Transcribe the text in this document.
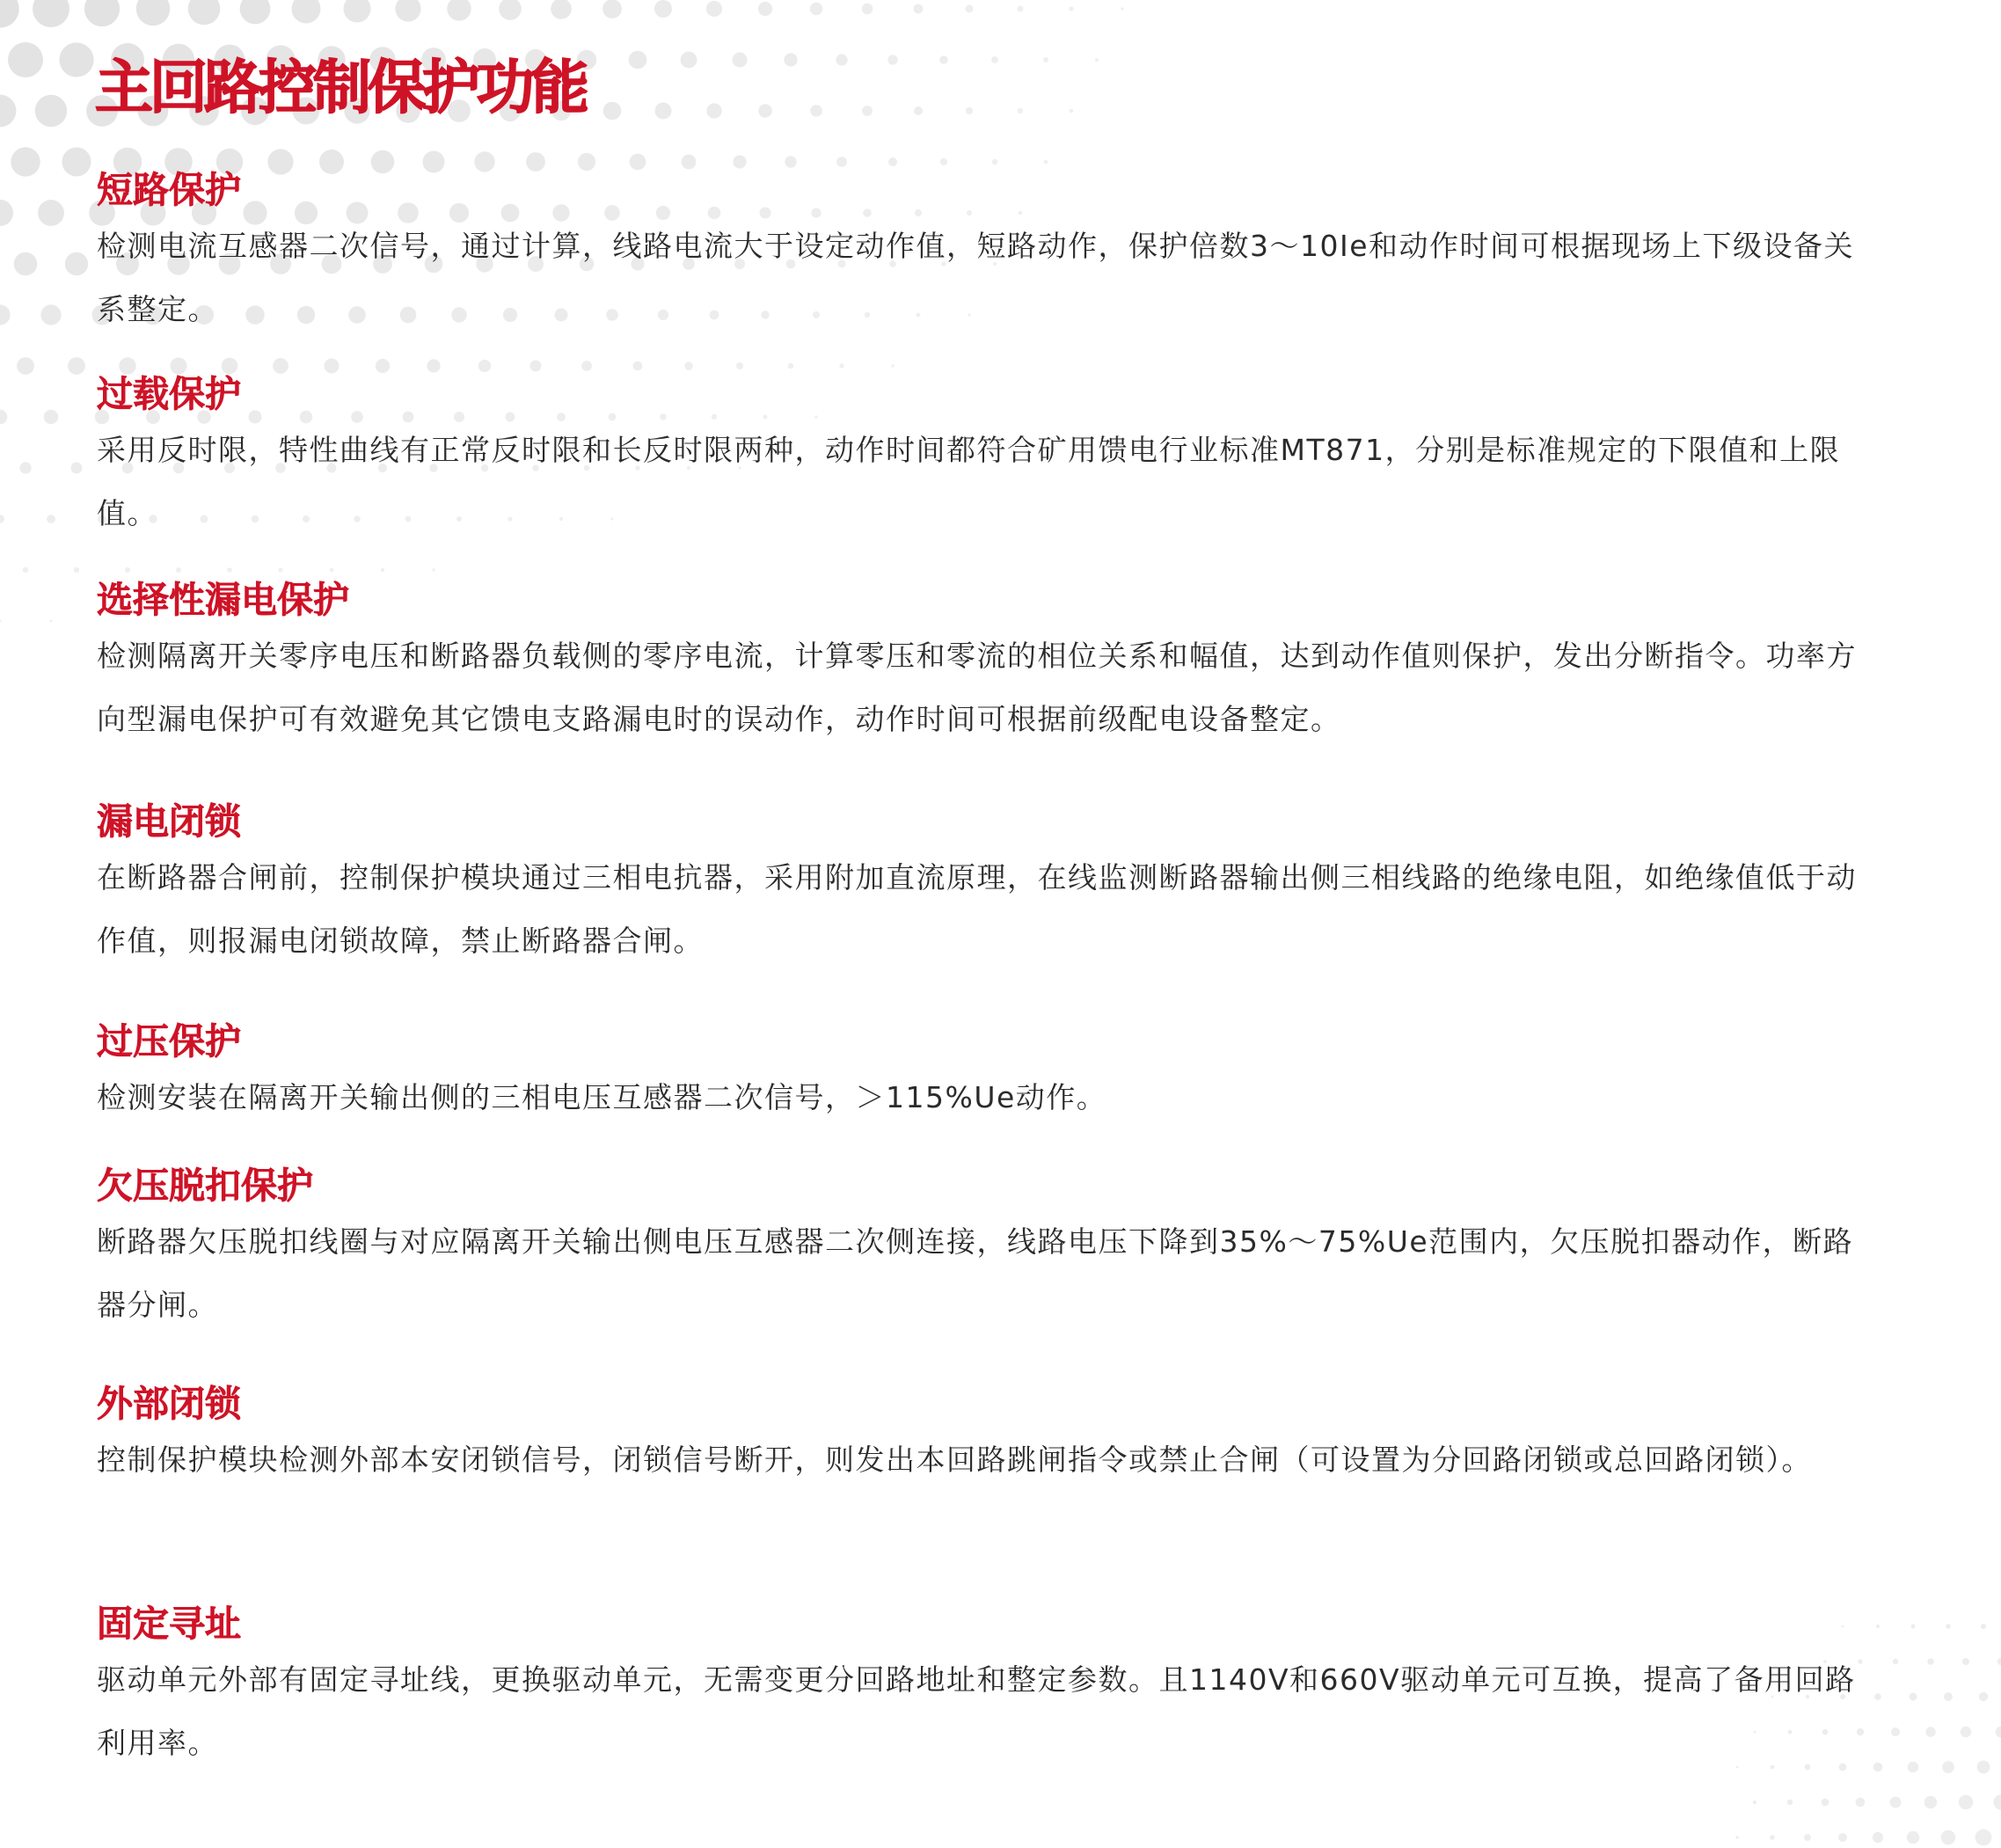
主回路控制保护功能
短路保护

检测电流互感器二次信号，通过计算，线路电流大于设定动作值，短路动作，保护倍数3～10Ie和动作时间可根据现场上下级设备关系整定。

过载保护

采用反时限，特性曲线有正常反时限和长反时限两种，动作时间都符合矿用馈电行业标准MT871，分别是标准规定的下限值和上限值。

选择性漏电保护

检测隔离开关零序电压和断路器负载侧的零序电流，计算零压和零流的相位关系和幅值，达到动作值则保护，发出分断指令。功率方向型漏电保护可有效避免其它馈电支路漏电时的误动作，动作时间可根据前级配电设备整定。

漏电闭锁

在断路器合闸前，控制保护模块通过三相电抗器，采用附加直流原理，在线监测断路器输出侧三相线路的绝缘电阻，如绝缘值低于动作值，则报漏电闭锁故障，禁止断路器合闸。

过压保护

检测安装在隔离开关输出侧的三相电压互感器二次信号，＞115%Ue动作。

欠压脱扣保护

断路器欠压脱扣线圈与对应隔离开关输出侧电压互感器二次侧连接，线路电压下降到35%～75%Ue范围内，欠压脱扣器动作，断路器分闸。

外部闭锁

控制保护模块检测外部本安闭锁信号，闭锁信号断开，则发出本回路跳闸指令或禁止合闸（可设置为分回路闭锁或总回路闭锁）。

固定寻址

驱动单元外部有固定寻址线，更换驱动单元，无需变更分回路地址和整定参数。且1140V和660V驱动单元可互换，提高了备用回路利用率。
